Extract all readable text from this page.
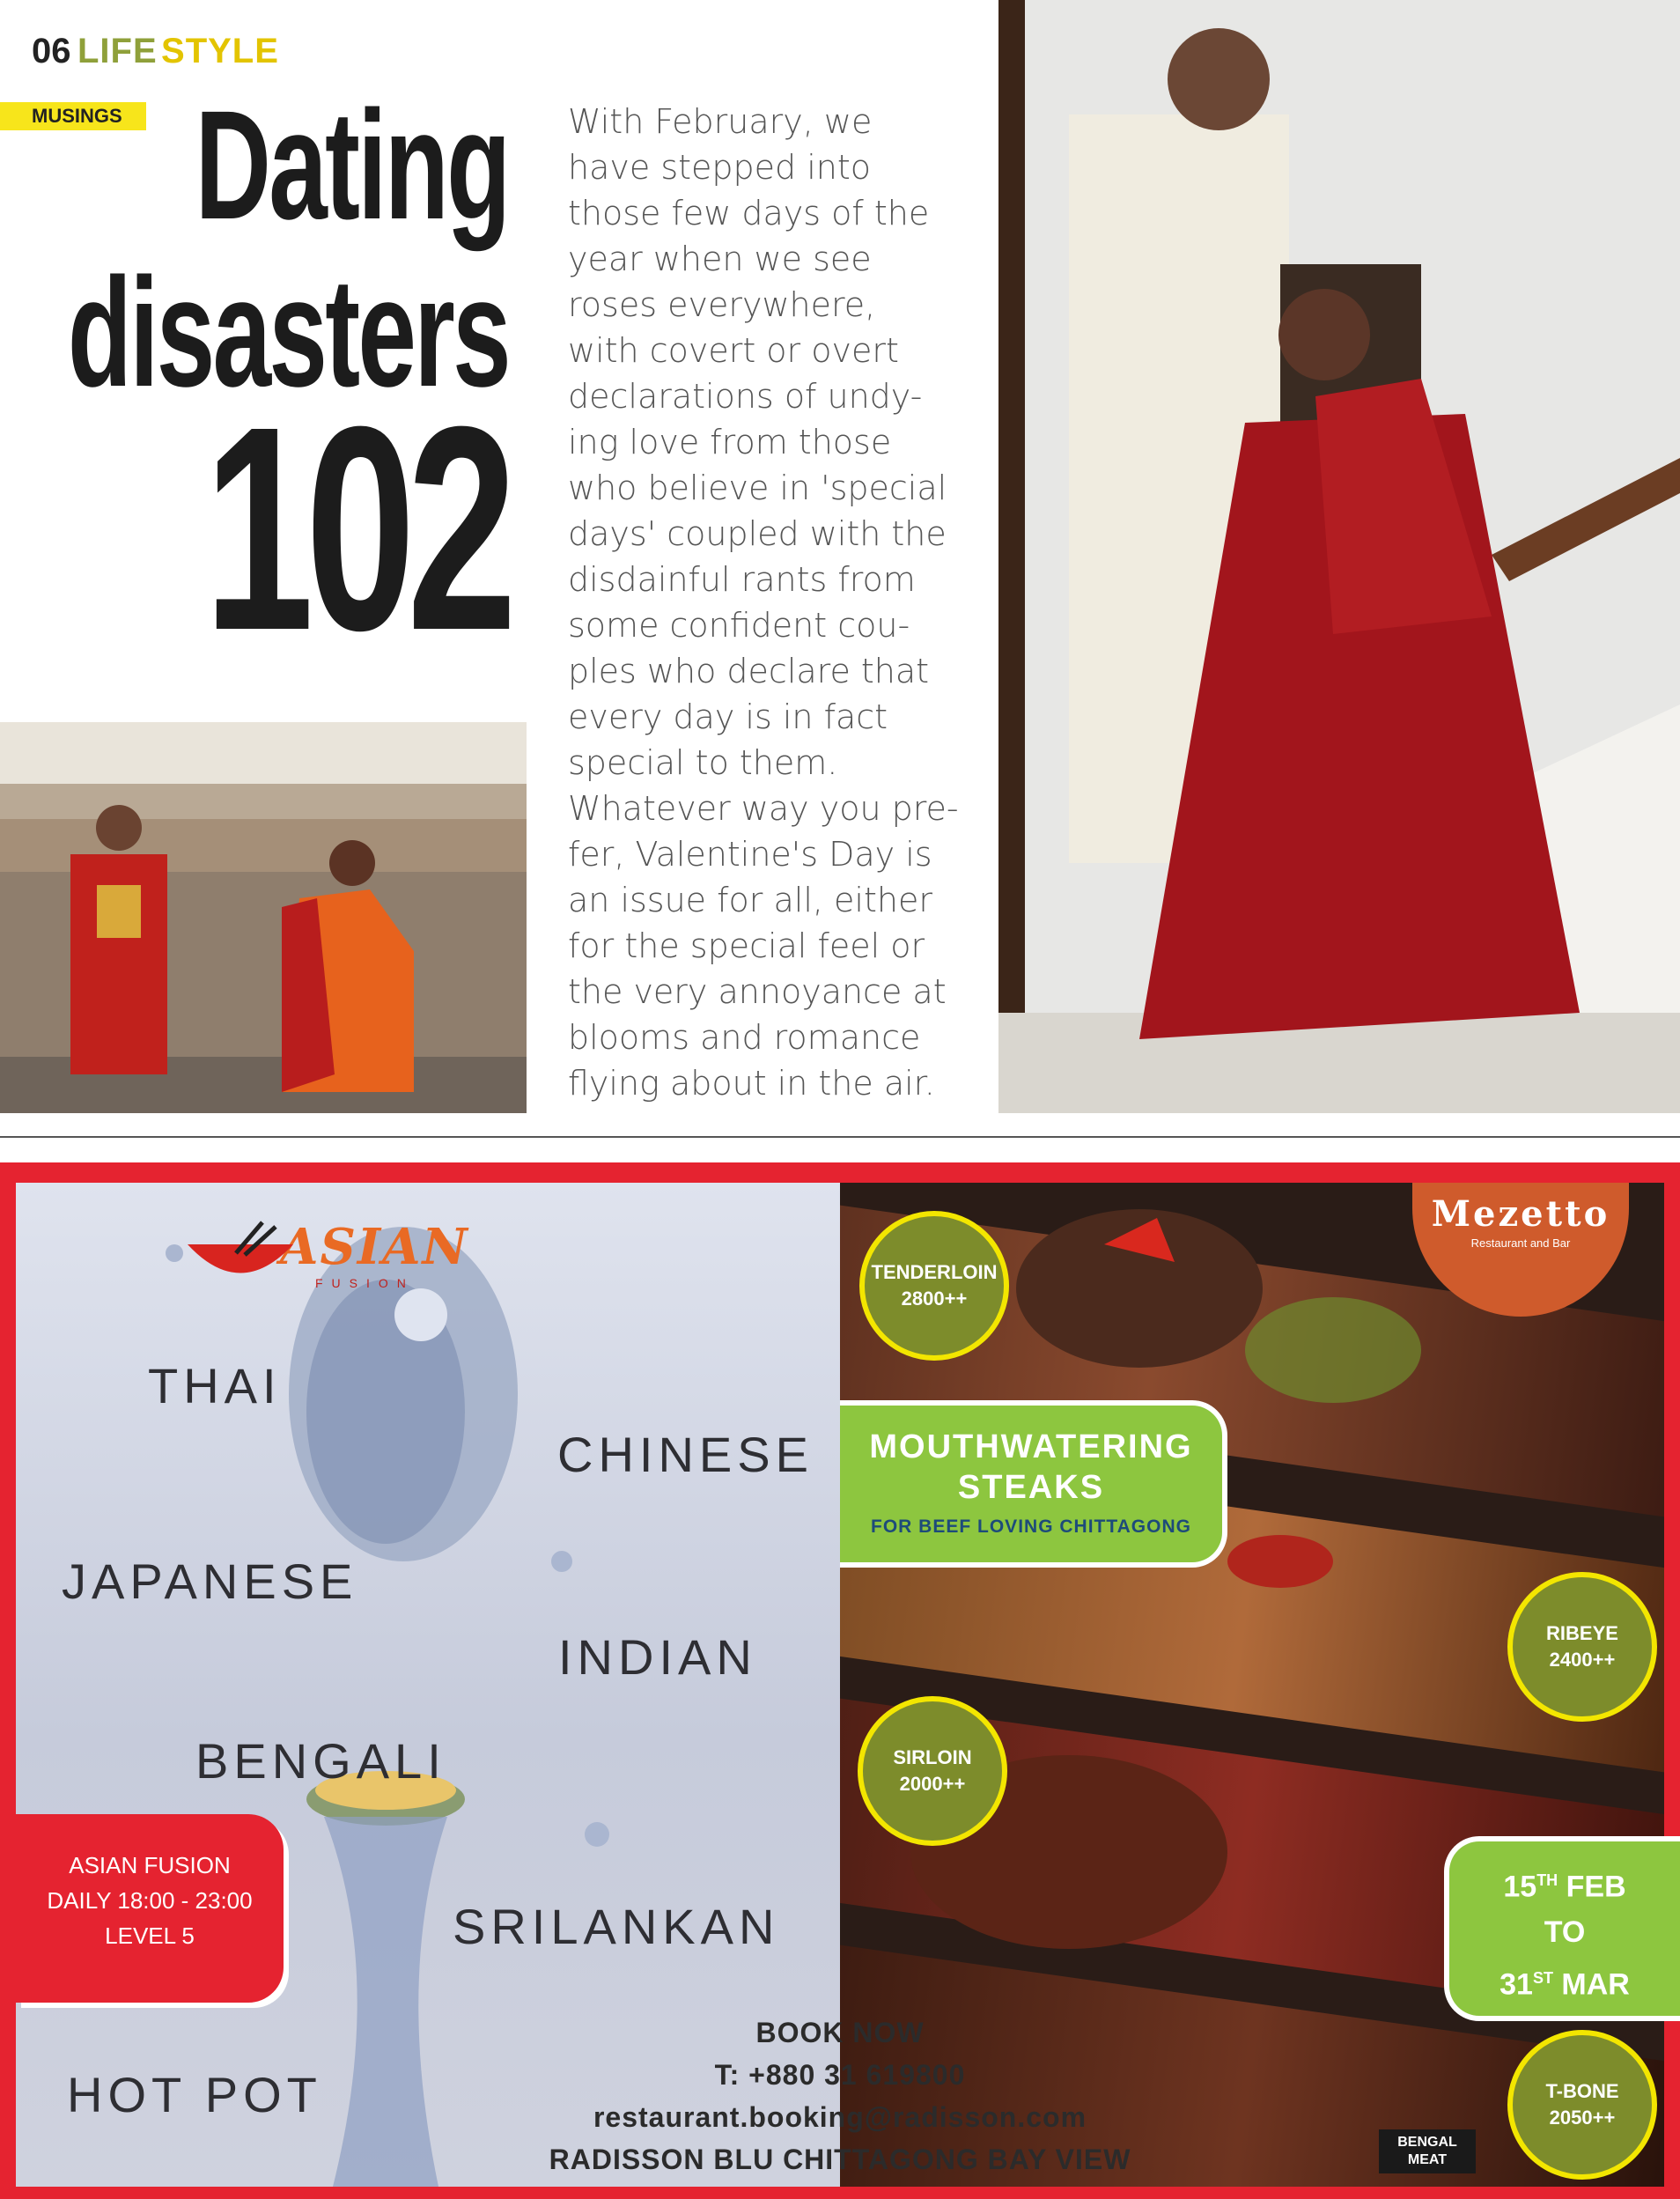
06 LIFE  STYLE
MUSINGS Dating
disasters
102
With February, we
have stepped into
those few days of the
year when we see
roses everywhere,
with covert or overt
declarations of undy-
ing love from those
who believe in 'special
days' coupled with the
disdainful rants from
some confident cou-
ples who declare that
every day is in fact
special to them.
Whatever way you pre-
fer, Valentine's Day is
an issue for all, either
for the special feel or
the very annoyance at
blooms and romance
flying about in the air.
ASIAN
FUSION
THAI
CHINESE
JAPANESE
INDIAN
BENGALI
SRILANKAN
HOT POT
ASIAN FUSION
DAILY 18:00 - 23:00
LEVEL 5
Mezetto
Restaurant and Bar
MOUTHWATERING
STEAKS
FOR BEEF LOVING CHITTAGONG
TENDERLOIN
2800++
RIBEYE
2400++
SIRLOIN
2000++
T-BONE
2050++
15TH FEB
TO
31ST MAR
BENGAL
MEAT
BOOK NOW
T: +880 31 619800
restaurant.booking@radisson.com
RADISSON BLU CHITTAGONG BAY VIEW
